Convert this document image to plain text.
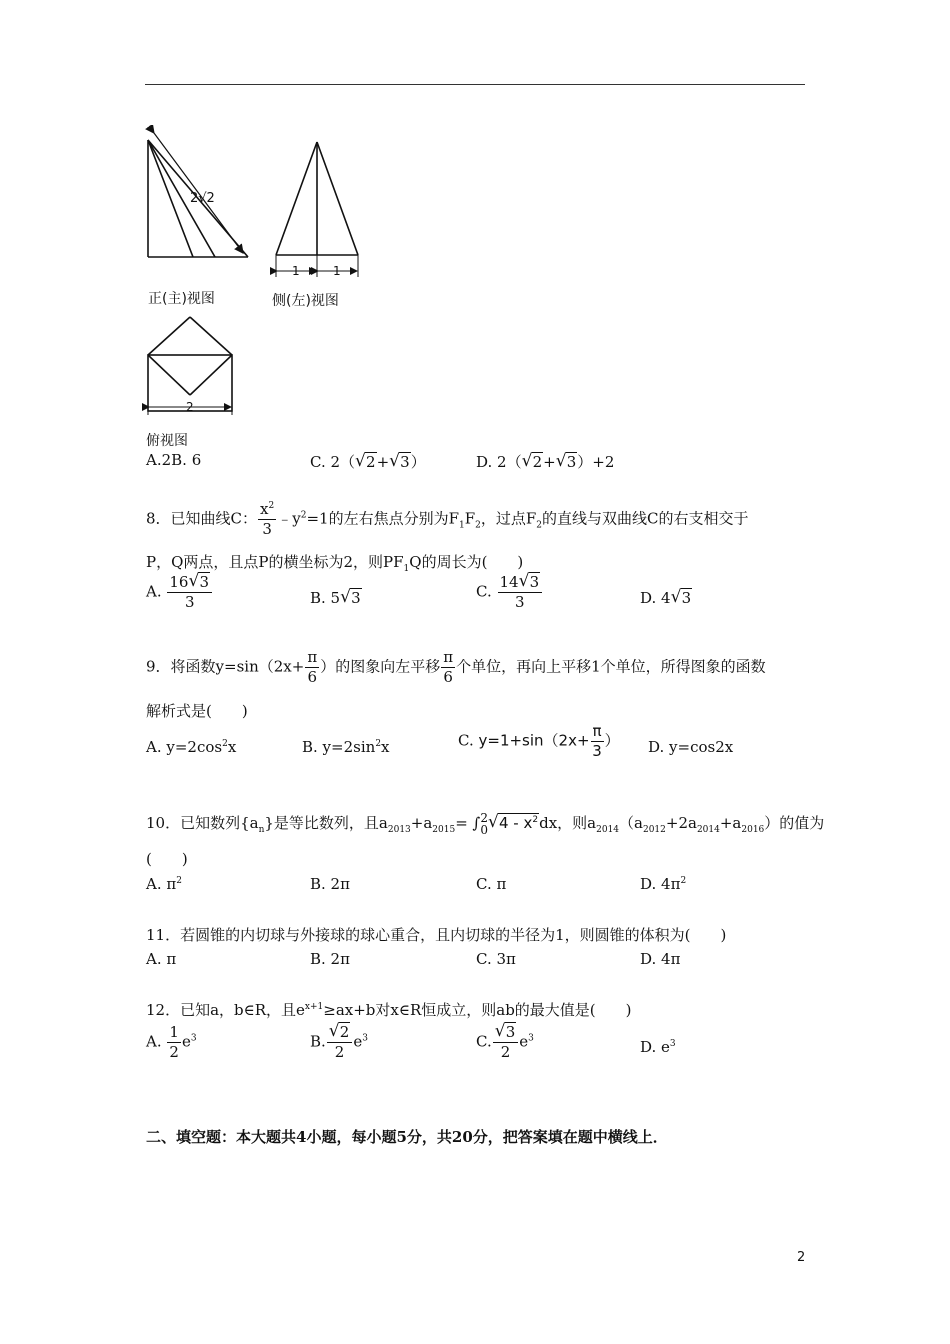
2√2
1	1
2
正(主)视图	侧(左)视图
俯视图
A.2B. 6	C. 2（ √ 2+ √ 3）	D. 2（ √ 2+ √ 3）+2
8．已知曲线C： $\frac{x^2}{3}$ $﹣y^2=1$的左右焦点分别为$F_1F_2$，过点$F_2$的直线与双曲线C的右支相交于
P，Q两点，且点P的横坐标为2，则$PF_1Q$的周长为(　　)
A. $\frac{16 √ 3}{3}$	B. 5 √ 3	C. $\frac{14 √ 3}{3}$	D. 4 √ 3
9．将函数$y=\sin(2x+ \frac{\pi}{6}$ ）的图象向左平移 $\frac{\pi}{6}$ 个单位，再向上平移1个单位，所得图象的函数
解析式是(　　)
A. $y=2\cos^2x$	B. $y=2\sin^2x$	C. $y=1+\sin(2x+ \frac{\pi}{3}$ ） D. y=cos2x
10．已知数列$\{a_n\}$是等比数列，且$a_{2013}+a_{2015}=$ ∫ 2
0 √ $4 - x^2dx$，则$a_{2014}(a_{2012}+2a_{2014}+a_{2016})$的值为
(　　)
A. $\pi^2$	B. 2π	C. π	D. $4\pi^2$
11．若圆锥的内切球与外接球的球心重合，且内切球的半径为1，则圆锥的体积为(　　)
A. π	B. 2π	C. 3π	D. 4π
12．已知a，b∈R，且$e^{x+1}\ge ax+b$对x∈R恒成立，则ab的最大值是(　　)
A. $\frac{1}{2} e^3$	B. √ $\frac{2}{2} e^3$	C. √ $\frac{3}{2} e^3$	D. $e^3$
二、填空题：本大题共4小题，每小题5分，共20分，把答案填在题中横线上．
2
